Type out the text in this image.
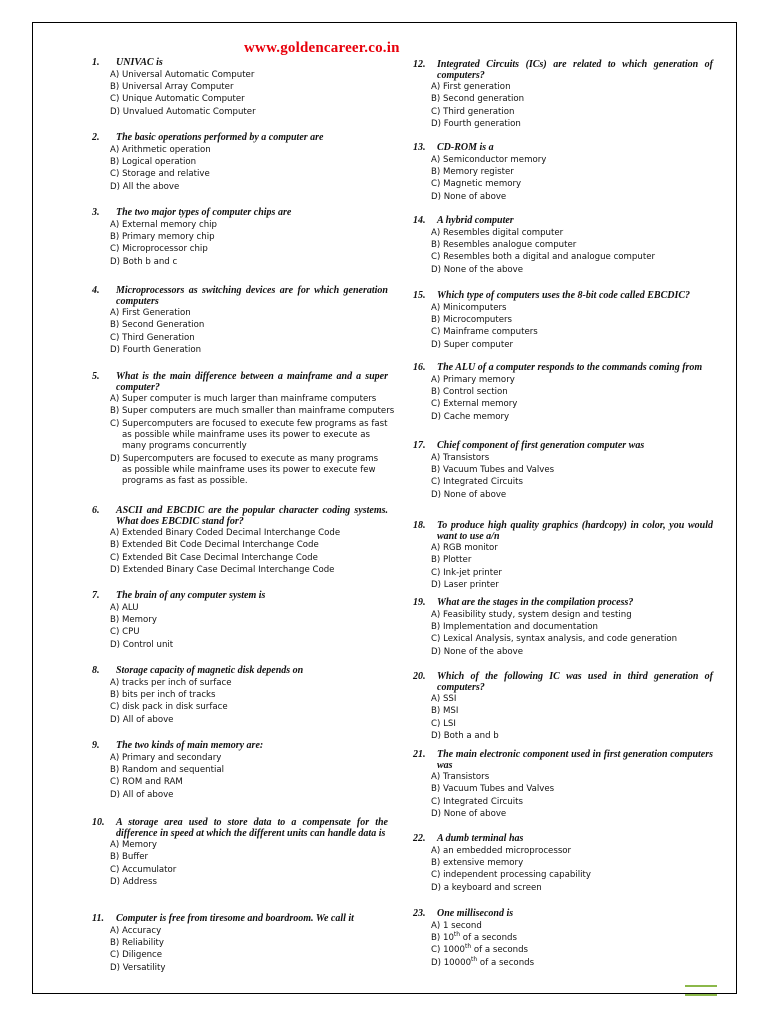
www.goldencareer.co.in
1.	UNIVAC is
A) Universal Automatic Computer
B) Universal Array Computer
C) Unique Automatic Computer
D) Unvalued Automatic Computer
2.	The basic operations performed by a computer are
A) Arithmetic operation
B) Logical operation
C) Storage and relative
D) All the above
3.	The two major types of computer chips are
A) External memory chip
B) Primary memory chip
C) Microprocessor chip
D) Both b and c
4.	Microprocessors as switching devices are for which generation computers
A) First Generation
B) Second Generation
C) Third Generation
D) Fourth Generation
5.	What is the main difference between a mainframe and a super computer?
A) Super computer is much larger than mainframe computers
B) Super computers are much smaller than mainframe computers
C) Supercomputers are focused to execute few programs as fast as possible while mainframe uses its power to execute as many programs concurrently
D) Supercomputers are focused to execute as many programs as possible while mainframe uses its power to execute few programs as fast as possible.
6.	ASCII and EBCDIC are the popular character coding systems. What does EBCDIC stand for?
A) Extended Binary Coded Decimal Interchange Code
B) Extended Bit Code Decimal Interchange Code
C) Extended Bit Case Decimal Interchange Code
D) Extended Binary Case Decimal Interchange Code
7.	The brain of any computer system is
A) ALU
B) Memory
C) CPU
D) Control unit
8.	Storage capacity of magnetic disk depends on
A) tracks per inch of surface
B) bits per inch of tracks
C) disk pack in disk surface
D) All of above
9.	The two kinds of main memory are:
A) Primary and secondary
B) Random and sequential
C) ROM and RAM
D) All of above
10.	A storage area used to store data to a compensate for the difference in speed at which the different units can handle data is
A) Memory
B) Buffer
C) Accumulator
D) Address
11.	Computer is free from tiresome and boardroom. We call it
A) Accuracy
B) Reliability
C) Diligence
D) Versatility
12.	Integrated Circuits (ICs) are related to which generation of computers?
A) First generation
B) Second generation
C) Third generation
D) Fourth generation
13.	CD-ROM is a
A) Semiconductor memory
B) Memory register
C) Magnetic memory
D) None of above
14.	A hybrid computer
A) Resembles digital computer
B) Resembles analogue computer
C) Resembles both a digital and analogue computer
D) None of the above
15.	Which type of computers uses the 8-bit code called EBCDIC?
A) Minicomputers
B) Microcomputers
C) Mainframe computers
D) Super computer
16.	The ALU of a computer responds to the commands coming from
A) Primary memory
B) Control section
C) External memory
D) Cache memory
17.	Chief component of first generation computer was
A) Transistors
B) Vacuum Tubes and Valves
C) Integrated Circuits
D) None of above
18.	To produce high quality graphics (hardcopy) in color, you would want to use a/n
A) RGB monitor
B) Plotter
C) Ink-jet printer
D) Laser printer
19.	What are the stages in the compilation process?
A) Feasibility study, system design and testing
B) Implementation and documentation
C) Lexical Analysis, syntax analysis, and code generation
D) None of the above
20.	Which of the following IC was used in third generation of computers?
A) SSI
B) MSI
C) LSI
D) Both a and b
21.	The main electronic component used in first generation computers was
A) Transistors
B) Vacuum Tubes and Valves
C) Integrated Circuits
D) None of above
22.	A dumb terminal has
A) an embedded microprocessor
B) extensive memory
C) independent processing capability
D) a keyboard and screen
23.	One millisecond is
A) 1 second
B) 10th of a seconds
C) 1000th of a seconds
D) 10000th of a seconds
